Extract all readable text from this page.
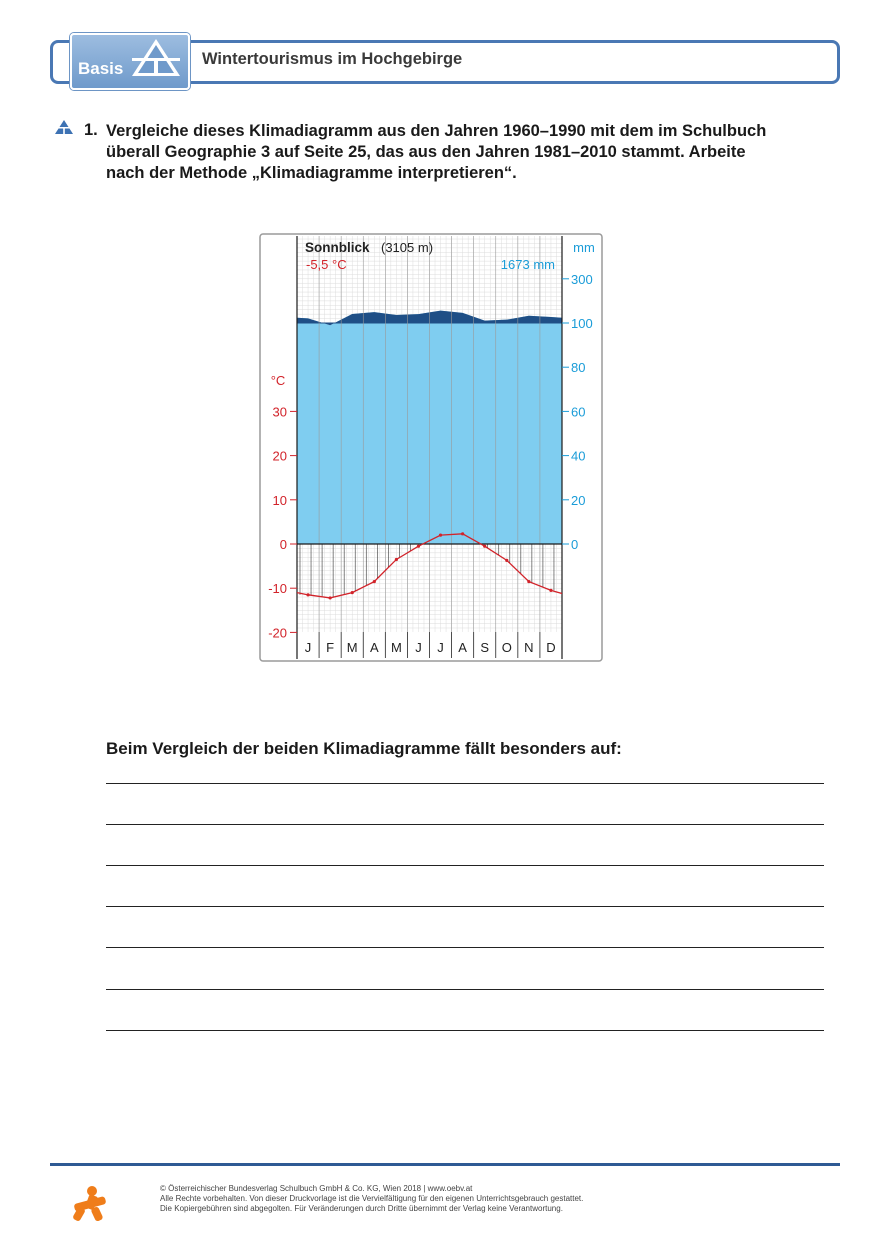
Basis	Wintertourismus im Hochgebirge
1. Vergleiche dieses Klimadiagramm aus den Jahren 1960–1990 mit dem im Schulbuch
überall Geographie 3 auf Seite 25, das aus den Jahren 1981–2010 stammt. Arbeite
nach der Methode „Klimadiagramme interpretieren“.
30
20
10
0
-10
-20
300
100
80
60
40
20
0
J F M A M J J A S O N D
Sonnblick (3105 m)
-5,5 °C	1673 mm
mm
°C
Beim Vergleich der beiden Klimadiagramme fällt besonders auf:
© Österreichischer Bundesverlag Schulbuch GmbH & Co. KG, Wien 2018 | www.oebv.at
Alle Rechte vorbehalten. Von dieser Druckvorlage ist die Vervielfältigung für den eigenen Unterrichtsgebrauch gestattet.
Die Kopiergebühren sind abgegolten. Für Veränderungen durch Dritte übernimmt der Verlag keine Verantwortung.
